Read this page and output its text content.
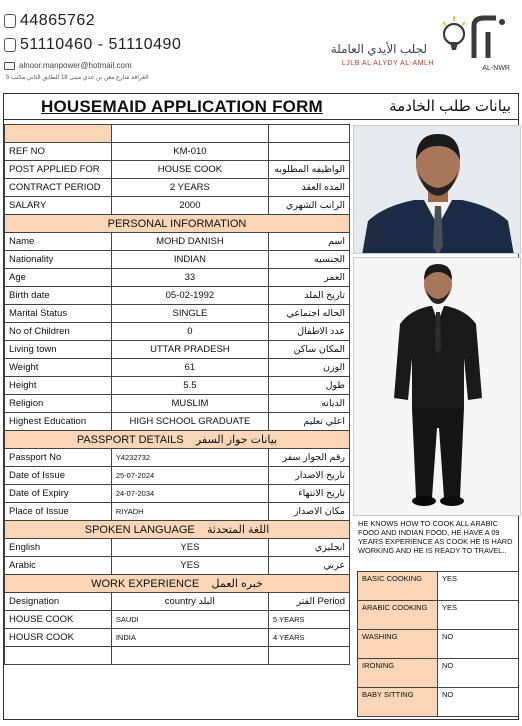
44865762
51110460 - 51110490
alnoor.manpower@hotmail.com
الغرافة شارع معن بن عدي مبنى 18 الطابق الثاني مكتب 5
لجلب الأيدي العاملة
LJLB AL ALYDY AL-AMLH
AL-NWR
HOUSEMAID APPLICATION FORM	بيانات طلب الخادمة

REF NO	KM-010	
POST APPLIED FOR	HOUSE COOK	الواظيفه المطلوبه
CONTRACT PERIOD	2 YEARS	المده العقد
SALARY	2000	الراتب الشهري
PERSONAL INFORMATION		
Name	MOHD DANISH	اسم
Nationality	INDIAN	الجنسيه
Age	33	العمر
Birth date	05-02-1992	تاريخ الملد
Marital Status	SINGLE	الحاله اجتماعي
No of Children	0	عدد الاطفال
Living town	UTTAR PRADESH	المكان ساكن
Weight	61	الوزن
Height	5.5	طول
Religion	MUSLIM	الديانه
Highest Education	HIGH SCHOOL GRADUATE	اعلي تعليم
PASSPORT DETAILS بيانات جواز السفر		
Passport No	Y4232732	رقم الجواز سفر
Date of Issue	25-07-2024	تاريخ الاصدار
Date of Expiry	24-07-2034	تاريخ الانتهاء
Place of Issue	RIYADH	مكان الاصدار
SPOKEN LANGUAGE اللغة المتحدثة		
English	YES	انجليزي
Arabic	YES	عربي
WORK EXPERIENCE خبره العمل		
Designation	country البلد	Period الفتر
HOUSE COOK	SAUDI	5 YEARS
HOUSR COOK	INDIA	4 YEARS

HE KNOWS HOW TO COOK ALL ARABIC FOOD AND INDIAN FOOD, HE HAVE A 09 YEARS EXPERIENCE AS COOK HE IS HARD WORKING AND HE IS READY TO TRAVEL..
BASIC COOKING	YES
ARABIC COOKING	YES
WASHING	NO
IRONING	NO
BABY SITTING	NO
